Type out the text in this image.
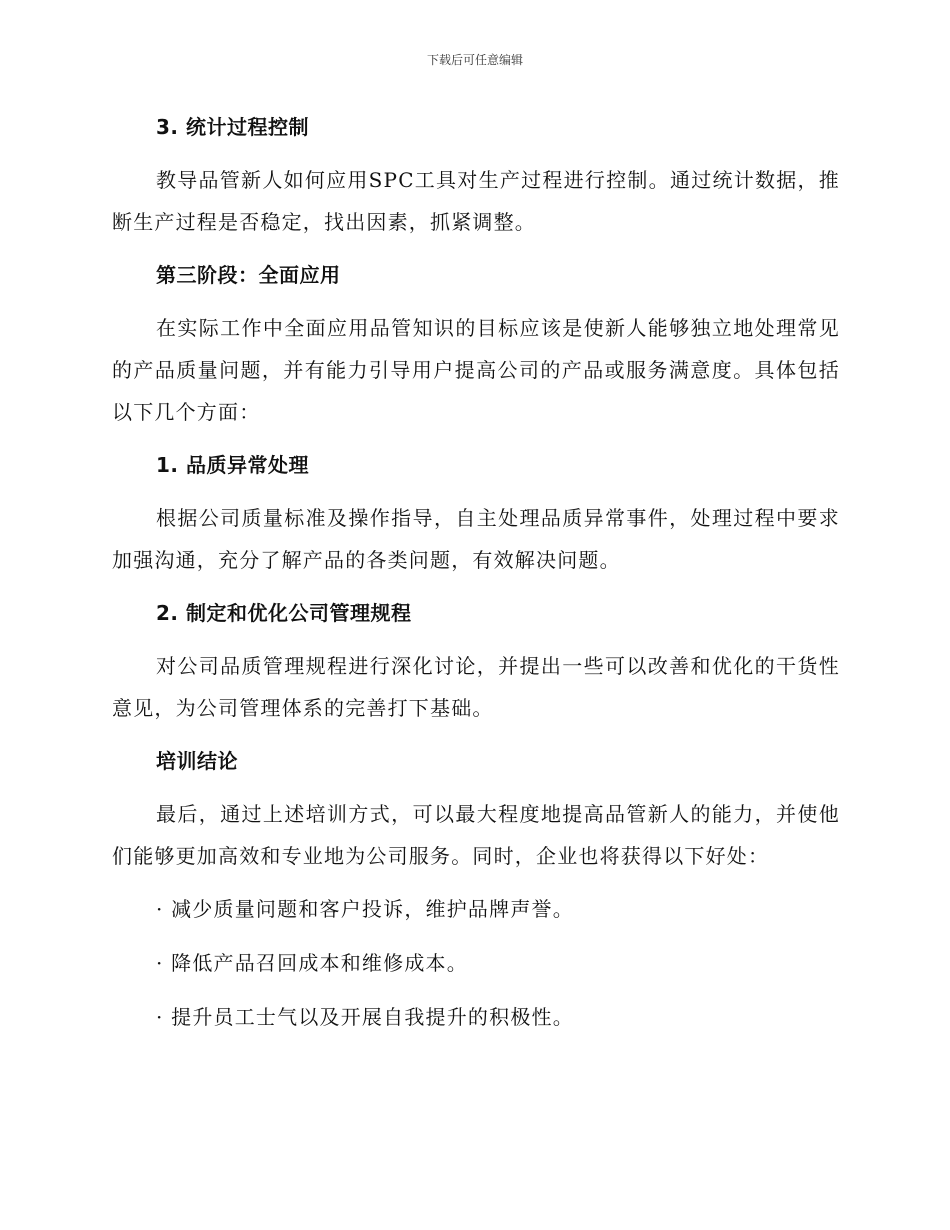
下载后可任意编辑
3. 统计过程控制
教导品管新人如何应用SPC工具对生产过程进行控制。通过统计数据，推断生产过程是否稳定，找出因素，抓紧调整。
第三阶段：全面应用
在实际工作中全面应用品管知识的目标应该是使新人能够独立地处理常见的产品质量问题，并有能力引导用户提高公司的产品或服务满意度。具体包括以下几个方面：
1. 品质异常处理
根据公司质量标准及操作指导，自主处理品质异常事件，处理过程中要求加强沟通，充分了解产品的各类问题，有效解决问题。
2. 制定和优化公司管理规程
对公司品质管理规程进行深化讨论，并提出一些可以改善和优化的干货性意见，为公司管理体系的完善打下基础。
培训结论
最后，通过上述培训方式，可以最大程度地提高品管新人的能力，并使他们能够更加高效和专业地为公司服务。同时，企业也将获得以下好处：
· 减少质量问题和客户投诉，维护品牌声誉。
· 降低产品召回成本和维修成本。
· 提升员工士气以及开展自我提升的积极性。
